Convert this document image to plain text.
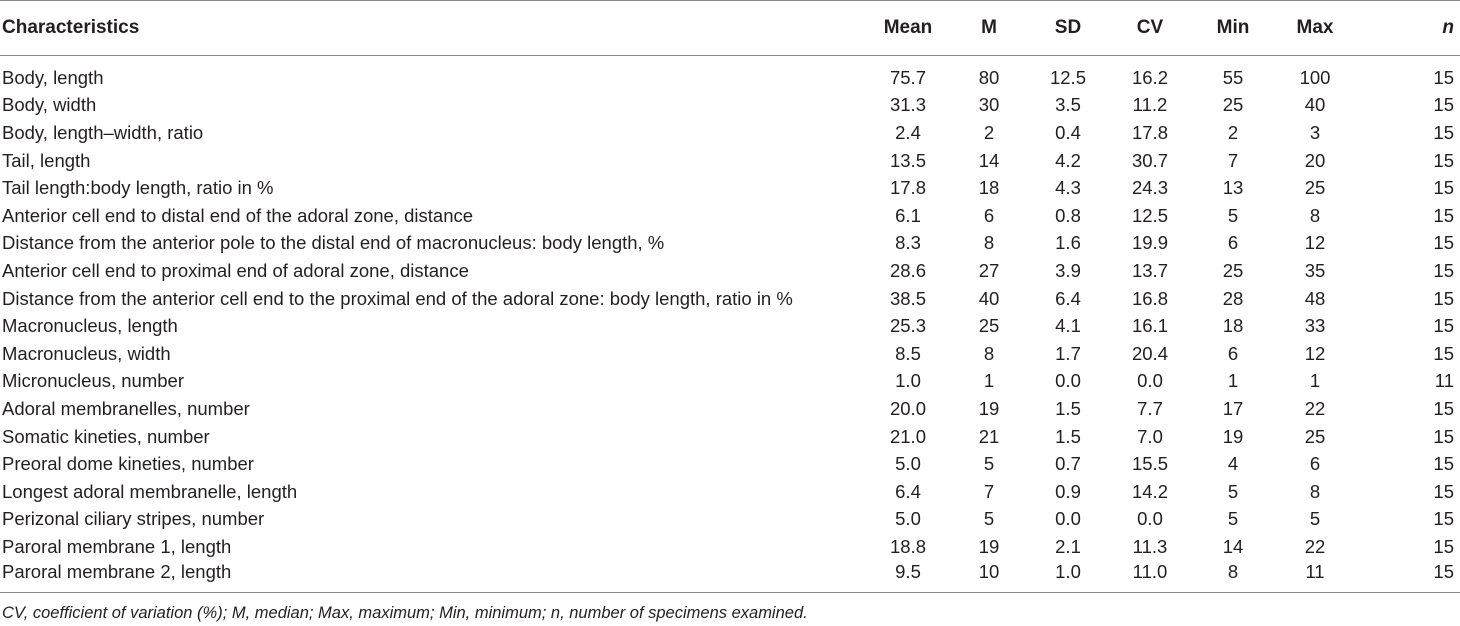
Characteristics	Mean	M	SD	CV	Min	Max	n

Body, length	75.7	80	12.5	16.2	55	100	15
Body, width	31.3	30	3.5	11.2	25	40	15
Body, length–width, ratio	2.4	2	0.4	17.8	2	3	15
Tail, length	13.5	14	4.2	30.7	7	20	15
Tail length:body length, ratio in %	17.8	18	4.3	24.3	13	25	15
Anterior cell end to distal end of the adoral zone, distance	6.1	6	0.8	12.5	5	8	15
Distance from the anterior pole to the distal end of macronucleus: body length, %	8.3	8	1.6	19.9	6	12	15
Anterior cell end to proximal end of adoral zone, distance	28.6	27	3.9	13.7	25	35	15
Distance from the anterior cell end to the proximal end of the adoral zone: body length, ratio in %	38.5	40	6.4	16.8	28	48	15
Macronucleus, length	25.3	25	4.1	16.1	18	33	15
Macronucleus, width	8.5	8	1.7	20.4	6	12	15
Micronucleus, number	1.0	1	0.0	0.0	1	1	11
Adoral membranelles, number	20.0	19	1.5	7.7	17	22	15
Somatic kineties, number	21.0	21	1.5	7.0	19	25	15
Preoral dome kineties, number	5.0	5	0.7	15.5	4	6	15
Longest adoral membranelle, length	6.4	7	0.9	14.2	5	8	15
Perizonal ciliary stripes, number	5.0	5	0.0	0.0	5	5	15
Paroral membrane 1, length	18.8	19	2.1	11.3	14	22	15
Paroral membrane 2, length	9.5	10	1.0	11.0	8	11	15
CV, coefficient of variation (%); M, median; Max, maximum; Min, minimum; n, number of specimens examined.
